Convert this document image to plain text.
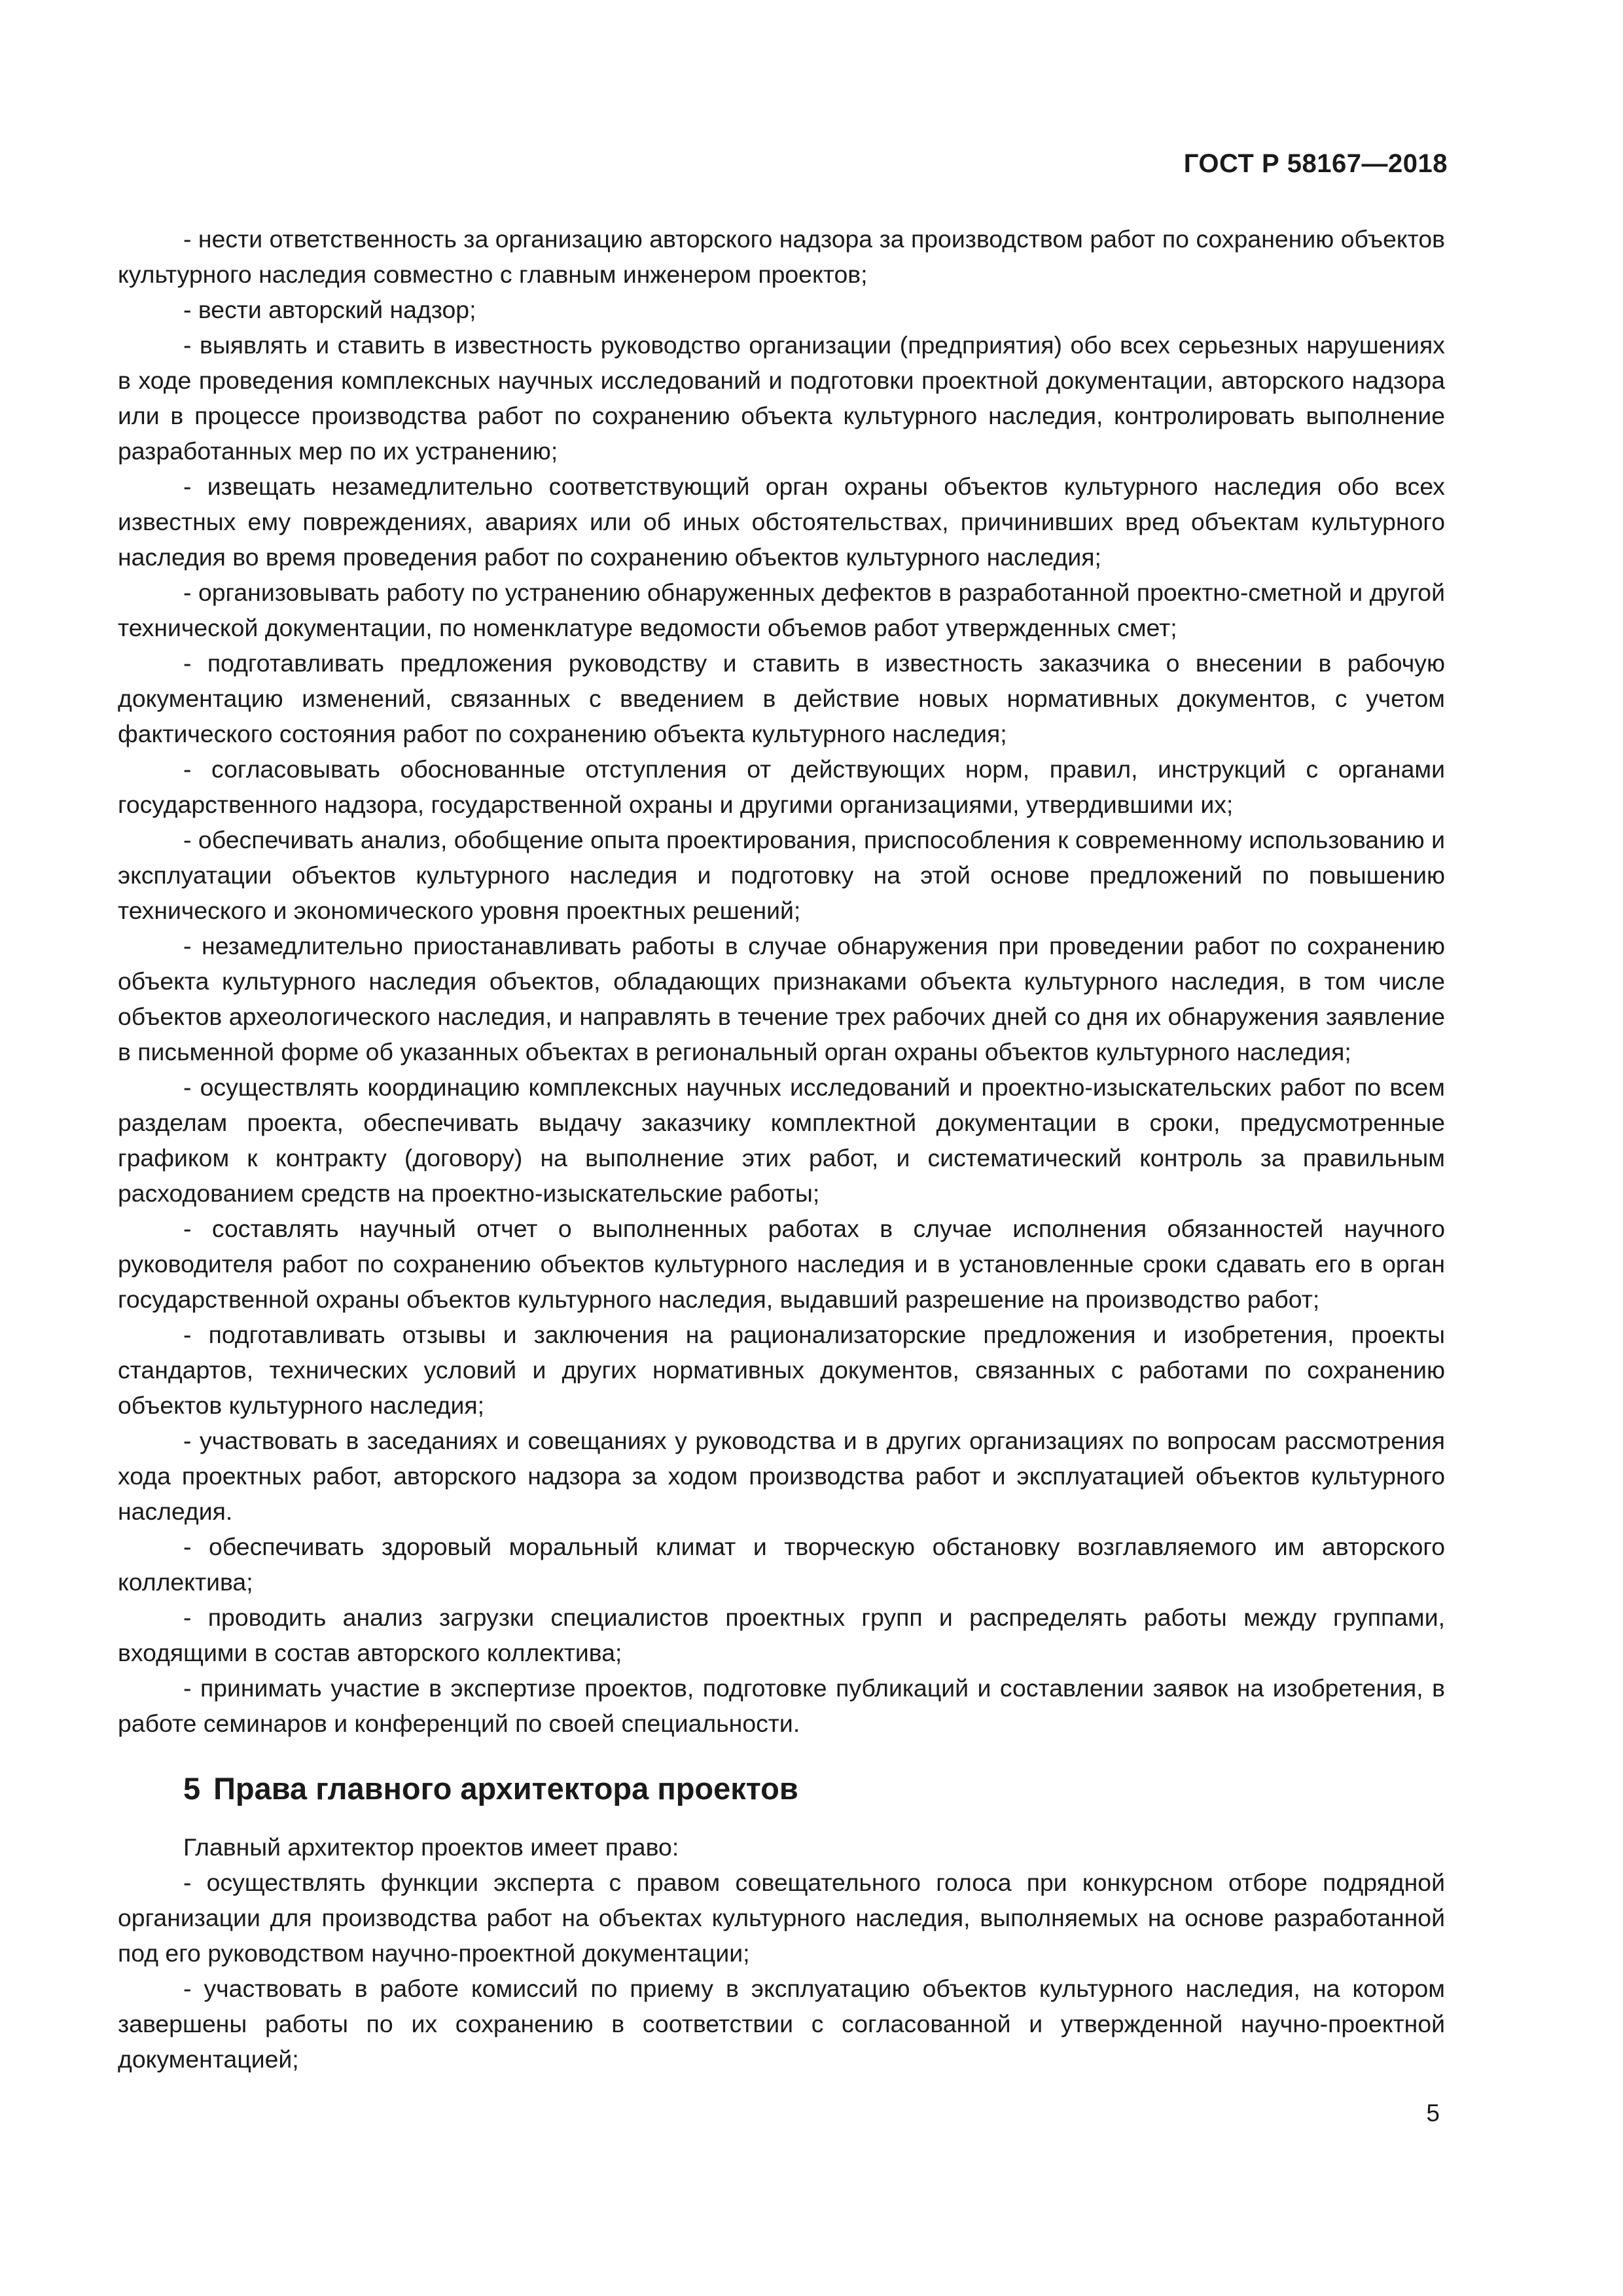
ГОСТ Р 58167—2018

- нести ответственность за организацию авторского надзора за производством работ по сохранению объектов культурного наследия совместно с главным инженером проектов;

- вести авторский надзор;

- выявлять и ставить в известность руководство организации (предприятия) обо всех серьезных нарушениях в ходе проведения комплексных научных исследований и подготовки проектной документации, авторского надзора или в процессе производства работ по сохранению объекта культурного наследия, контролировать выполнение разработанных мер по их устранению;

- извещать незамедлительно соответствующий орган охраны объектов культурного наследия обо всех известных ему повреждениях, авариях или об иных обстоятельствах, причинивших вред объектам культурного наследия во время проведения работ по сохранению объектов культурного наследия;

- организовывать работу по устранению обнаруженных дефектов в разработанной проектно-сметной и другой технической документации, по номенклатуре ведомости объемов работ утвержденных смет;

- подготавливать предложения руководству и ставить в известность заказчика о внесении в рабочую документацию изменений, связанных с введением в действие новых нормативных документов, с учетом фактического состояния работ по сохранению объекта культурного наследия;

- согласовывать обоснованные отступления от действующих норм, правил, инструкций с органами государственного надзора, государственной охраны и другими организациями, утвердившими их;

- обеспечивать анализ, обобщение опыта проектирования, приспособления к современному использованию и эксплуатации объектов культурного наследия и подготовку на этой основе предложений по повышению технического и экономического уровня проектных решений;

- незамедлительно приостанавливать работы в случае обнаружения при проведении работ по сохранению объекта культурного наследия объектов, обладающих признаками объекта культурного наследия, в том числе объектов археологического наследия, и направлять в течение трех рабочих дней со дня их обнаружения заявление в письменной форме об указанных объектах в региональный орган охраны объектов культурного наследия;

- осуществлять координацию комплексных научных исследований и проектно-изыскательских работ по всем разделам проекта, обеспечивать выдачу заказчику комплектной документации в сроки, предусмотренные графиком к контракту (договору) на выполнение этих работ, и систематический контроль за правильным расходованием средств на проектно-изыскательские работы;

- составлять научный отчет о выполненных работах в случае исполнения обязанностей научного руководителя работ по сохранению объектов культурного наследия и в установленные сроки сдавать его в орган государственной охраны объектов культурного наследия, выдавший разрешение на производство работ;

- подготавливать отзывы и заключения на рационализаторские предложения и изобретения, проекты стандартов, технических условий и других нормативных документов, связанных с работами по сохранению объектов культурного наследия;

- участвовать в заседаниях и совещаниях у руководства и в других организациях по вопросам рассмотрения хода проектных работ, авторского надзора за ходом производства работ и эксплуатацией объектов культурного наследия.

- обеспечивать здоровый моральный климат и творческую обстановку возглавляемого им авторского коллектива;

- проводить анализ загрузки специалистов проектных групп и распределять работы между группами, входящими в состав авторского коллектива;

- принимать участие в экспертизе проектов, подготовке публикаций и составлении заявок на изобретения, в работе семинаров и конференций по своей специальности.

5 Права главного архитектора проектов

Главный архитектор проектов имеет право:

- осуществлять функции эксперта с правом совещательного голоса при конкурсном отборе подрядной организации для производства работ на объектах культурного наследия, выполняемых на основе разработанной под его руководством научно-проектной документации;

- участвовать в работе комиссий по приему в эксплуатацию объектов культурного наследия, на котором завершены работы по их сохранению в соответствии с согласованной и утвержденной научно-проектной документацией;

5
